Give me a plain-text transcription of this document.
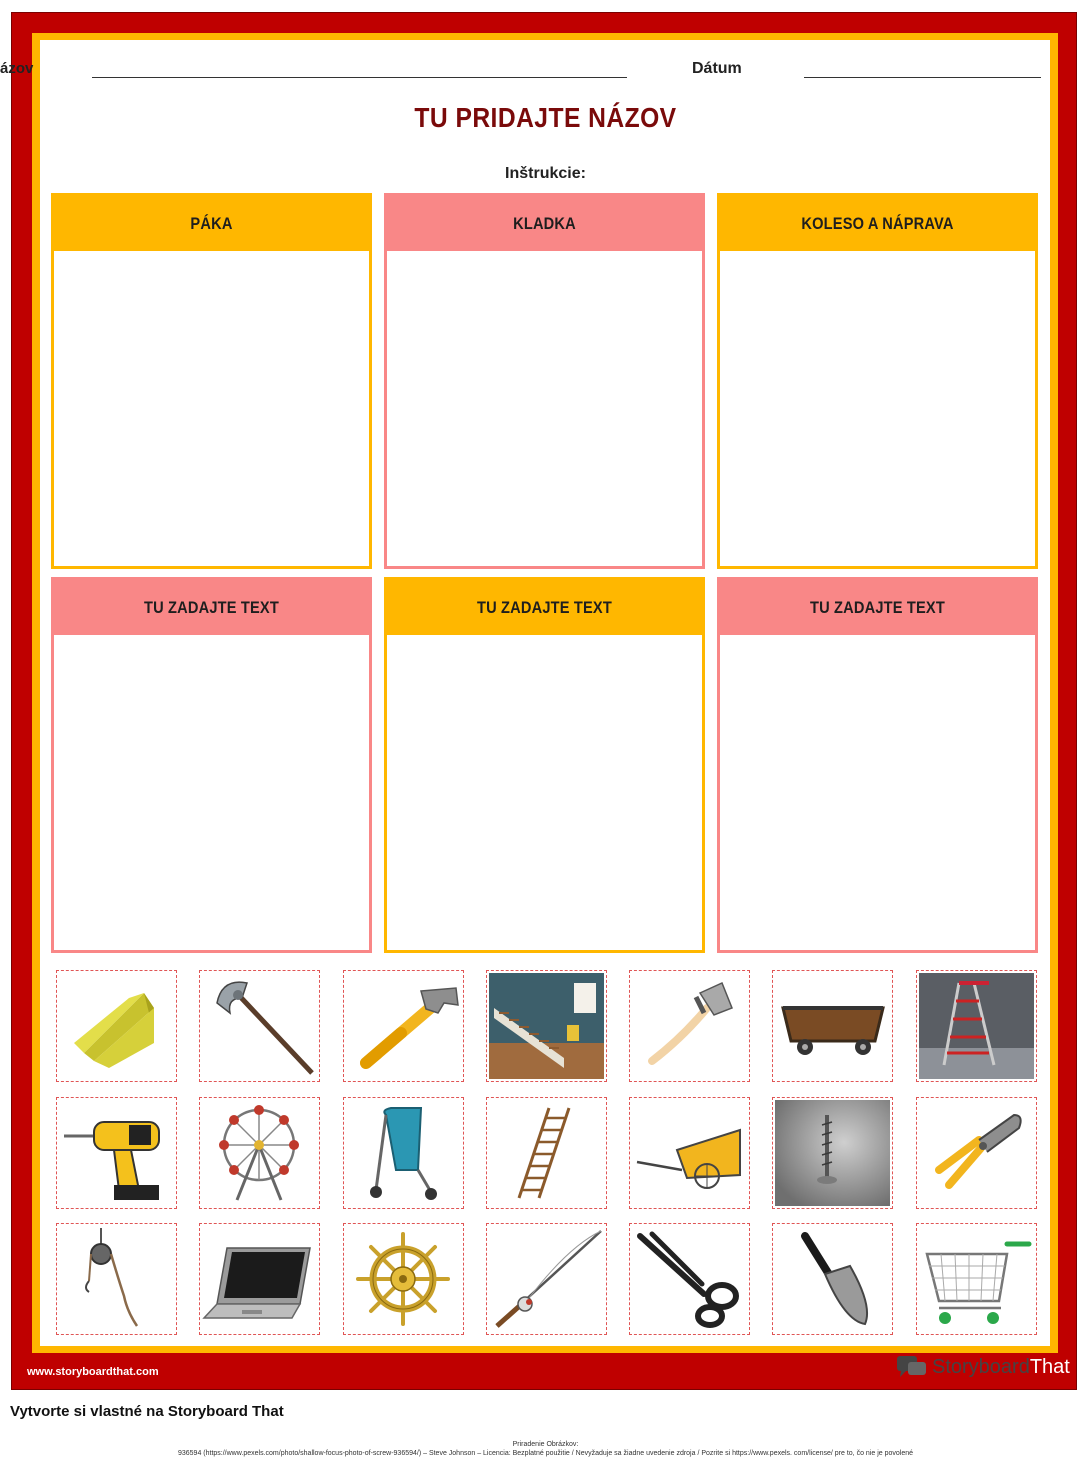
ázov	Dátum
TU PRIDAJTE NÁZOV
Inštrukcie:
PÁKA	KLADKA	KOLESO A NÁPRAVA
TU ZADAJTE TEXT	TU ZADAJTE TEXT	TU ZADAJTE TEXT
www.storyboardthat.com	StoryboardThat
Vytvorte si vlastné na Storyboard That
Priradenie Obrázkov:
936594 (https://www.pexels.com/photo/shallow-focus-photo-of-screw-936594/) – Steve Johnson – Licencia: Bezplatné použitie / Nevyžaduje sa žiadne uvedenie zdroja / Pozrite si https://www.pexels. com/license/ pre to, čo nie je povolené
